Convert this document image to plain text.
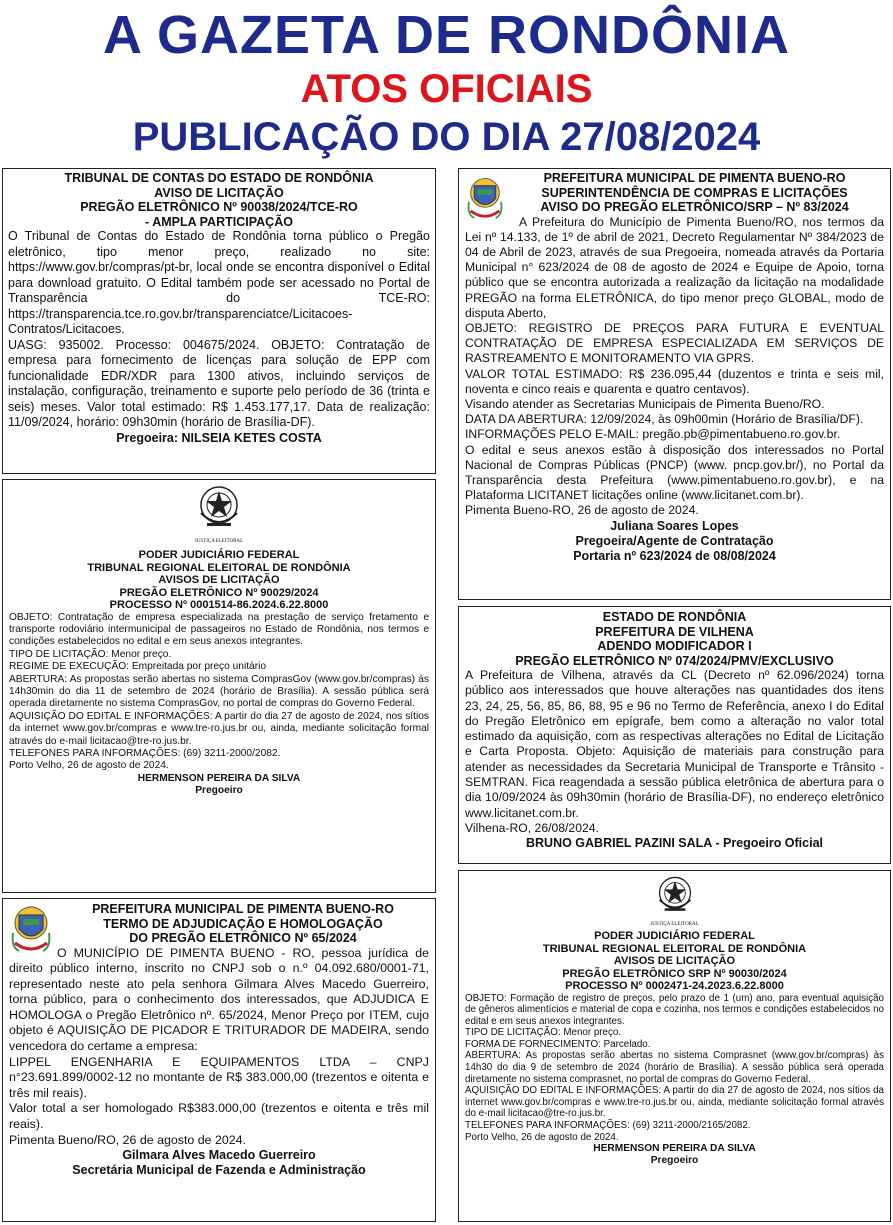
A GAZETA DE RONDÔNIA
ATOS OFICIAIS
PUBLICAÇÃO DO DIA 27/08/2024
TRIBUNAL DE CONTAS DO ESTADO DE RONDÔNIA
AVISO DE LICITAÇÃO
PREGÃO ELETRÔNICO Nº 90038/2024/TCE-RO
- AMPLA PARTICIPAÇÃO

O Tribunal de Contas do Estado de Rondônia torna público o Pregão eletrônico, tipo menor preço, realizado no site: https://www.gov.br/compras/pt-br, local onde se encontra disponível o Edital para download gratuito. O Edital também pode ser acessado no Portal de Transparência do TCE-RO: https://transparencia.tce.ro.gov.br/transparenciatce/Licitacoes-Contratos/Licitacoes.

UASG: 935002. Processo: 004675/2024. OBJETO: Contratação de empresa para fornecimento de licenças para solução de EPP com funcionalidade EDR/XDR para 1300 ativos, incluindo serviços de instalação, configuração, treinamento e suporte pelo período de 36 (trinta e seis) meses. Valor total estimado: R$ 1.453.177,17. Data de realização: 11/09/2024, horário: 09h30min (horário de Brasília-DF).

Pregoeira: NILSEIA KETES COSTA
JUSTIÇA ELEITORAL
PODER JUDICIÁRIO FEDERAL
TRIBUNAL REGIONAL ELEITORAL DE RONDÔNIA
AVISOS DE LICITAÇÃO
PREGÃO ELETRÔNICO Nº 90029/2024
PROCESSO Nº 0001514-86.2024.6.22.8000

OBJETO: Contratação de empresa especializada na prestação de serviço fretamento e transporte rodoviário intermunicipal de passageiros no Estado de Rondônia, nos termos e condições estabelecidos no edital e em seus anexos integrantes.

TIPO DE LICITAÇÃO: Menor preço.

REGIME DE EXECUÇÃO: Empreitada por preço unitário

ABERTURA: As propostas serão abertas no sistema ComprasGov (www.gov.br/compras) às 14h30min do dia 11 de setembro de 2024 (horário de Brasília). A sessão pública será operada diretamente no sistema ComprasGov, no portal de compras do Governo Federal.

AQUISIÇÃO DO EDITAL E INFORMAÇÕES: A partir do dia 27 de agosto de 2024, nos sítios da internet www.gov.br/compras e www.tre-ro.jus.br ou, ainda, mediante solicitação formal através do e-mail licitacao@tre-ro.jus.br.

TELEFONES PARA INFORMAÇÕES: (69) 3211-2000/2082.

Porto Velho, 26 de agosto de 2024.

HERMENSON PEREIRA DA SILVA
Pregoeiro
PREFEITURA MUNICIPAL DE PIMENTA BUENO-RO
TERMO DE ADJUDICAÇÃO E HOMOLOGAÇÃO
DO PREGÃO ELETRÔNICO Nº 65/2024

O MUNICÍPIO DE PIMENTA BUENO - RO, pessoa jurídica de direito público interno, inscrito no CNPJ sob o n.º 04.092.680/0001-71, representado neste ato pela senhora Gilmara Alves Macedo Guerreiro, torna público, para o conhecimento dos interessados, que ADJUDICA E HOMOLOGA o Pregão Eletrônico nº. 65/2024, Menor Preço por ITEM, cujo objeto é AQUISIÇÃO DE PICADOR E TRITURADOR DE MADEIRA, sendo vencedora do certame a empresa:

LIPPEL ENGENHARIA E EQUIPAMENTOS LTDA – CNPJ n°23.691.899/0002-12 no montante de R$ 383.000,00 (trezentos e oitenta e três mil reais).

Valor total a ser homologado R$383.000,00 (trezentos e oitenta e três mil reais).

Pimenta Bueno/RO, 26 de agosto de 2024.

Gilmara Alves Macedo Guerreiro
Secretária Municipal de Fazenda e Administração
PREFEITURA MUNICIPAL DE PIMENTA BUENO-RO
SUPERINTENDÊNCIA DE COMPRAS E LICITAÇÕES
AVISO DO PREGÃO ELETRÔNICO/SRP – Nº 83/2024

A Prefeitura do Município de Pimenta Bueno/RO, nos termos da Lei nº 14.133, de 1º de abril de 2021, Decreto Regulamentar Nº 384/2023 de 04 de Abril de 2023, através de sua Pregoeira, nomeada através da Portaria Municipal n° 623/2024 de 08 de agosto de 2024 e Equipe de Apoio, torna público que se encontra autorizada a realização da licitação na modalidade PREGÃO na forma ELETRÔNICA, do tipo menor preço GLOBAL, modo de disputa Aberto,

OBJETO: REGISTRO DE PREÇOS PARA FUTURA E EVENTUAL CONTRATAÇÃO DE EMPRESA ESPECIALIZADA EM SERVIÇOS DE RASTREAMENTO E MONITORAMENTO VIA GPRS.

VALOR TOTAL ESTIMADO: R$ 236.095,44 (duzentos e trinta e seis mil, noventa e cinco reais e quarenta e quatro centavos).

Visando atender as Secretarias Municipais de Pimenta Bueno/RO.

DATA DA ABERTURA: 12/09/2024, às 09h00min (Horário de Brasília/DF).

INFORMAÇÕES PELO E-MAIL: pregão.pb@pimentabueno.ro.gov.br.

O edital e seus anexos estão à disposição dos interessados no Portal Nacional de Compras Públicas (PNCP) (www. pncp.gov.br/), no Portal da Transparência desta Prefeitura (www.pimentabueno.ro.gov.br), e na Plataforma LICITANET licitações online (www.licitanet.com.br).

Pimenta Bueno-RO, 26 de agosto de 2024.

Juliana Soares Lopes
Pregoeira/Agente de Contratação
Portaria nº 623/2024 de 08/08/2024
ESTADO DE RONDÔNIA
PREFEITURA DE VILHENA
ADENDO MODIFICADOR I
PREGÃO ELETRÔNICO Nº 074/2024/PMV/EXCLUSIVO

A Prefeitura de Vilhena, através da CL (Decreto nº 62.096/2024) torna público aos interessados que houve alterações nas quantidades dos itens 23, 24, 25, 56, 85, 86, 88, 95 e 96 no Termo de Referência, anexo I do Edital do Pregão Eletrônico em epígrafe, bem como a alteração no valor total estimado da aquisição, com as respectivas alterações no Edital de Licitação e Carta Proposta. Objeto: Aquisição de materiais para construção para atender as necessidades da Secretaria Municipal de Transporte e Trânsito - SEMTRAN. Fica reagendada a sessão pública eletrônica de abertura para o dia 10/09/2024 às 09h30min (horário de Brasília-DF), no endereço eletrônico www.licitanet.com.br.

Vilhena-RO, 26/08/2024.

BRUNO GABRIEL PAZINI SALA - Pregoeiro Oficial
JUSTIÇA ELEITORAL
PODER JUDICIÁRIO FEDERAL
TRIBUNAL REGIONAL ELEITORAL DE RONDÔNIA
AVISOS DE LICITAÇÃO
PREGÃO ELETRÔNICO SRP Nº 90030/2024
PROCESSO Nº 0002471-24.2023.6.22.8000

OBJETO: Formação de registro de preços, pelo prazo de 1 (um) ano, para eventual aquisição de gêneros alimentícios e material de copa e cozinha, nos termos e condições estabelecidos no edital e em seus anexos integrantes.

TIPO DE LICITAÇÃO: Menor preço.

FORMA DE FORNECIMENTO: Parcelado.

ABERTURA: As propostas serão abertas no sistema Comprasnet (www.gov.br/compras) às 14h30 do dia 9 de setembro de 2024 (horário de Brasília). A sessão pública será operada diretamente no sistema comprasnet, no portal de compras do Governo Federal.

AQUISIÇÃO DO EDITAL E INFORMAÇÕES: A partir do dia 27 de agosto de 2024, nos sítios da internet www.gov.br/compras e www.tre-ro.jus.br ou, ainda, mediante solicitação formal através do e-mail licitacao@tre-ro.jus.br.

TELEFONES PARA INFORMAÇÕES: (69) 3211-2000/2165/2082.

Porto Velho, 26 de agosto de 2024.

HERMENSON PEREIRA DA SILVA
Pregoeiro
